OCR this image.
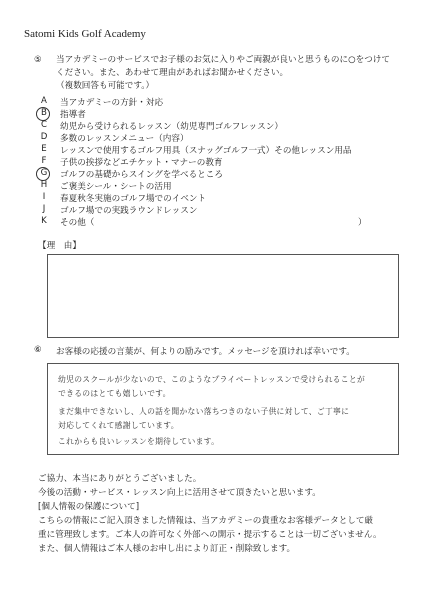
Satomi Kids Golf Academy
⑤ 当アカデミーのサービスでお子様のお気に入りやご両親が良いと思うものに○をつけて
ください。また、あわせて理由があればお聞かせください。
（複数回答も可能です。）
A	当アカデミーの方針・対応
B	指導者
C	幼児から受けられるレッスン（幼児専門ゴルフレッスン）
D	多数のレッスンメニュー（内容）
E	レッスンで使用するゴルフ用具（スナッグゴルフ一式）その他レッスン用品
F	子供の挨拶などエチケット・マナーの教育
G	ゴルフの基礎からスイングを学べるところ
H	ご褒美シール・シートの活用
I	春夏秋冬実施のゴルフ場でのイベント
J	ゴルフ場での実践ラウンドレッスン
K	その他（	）
【理　由】
⑥ お客様の応援の言葉が、何よりの励みです。メッセージを頂ければ幸いです。
幼児のスクールが少ないので、このようなプライベートレッスンで受けられることが
できるのはとても嬉しいです。
まだ集中できないし、人の話を聞かない落ちつきのない子供に対して、ご丁寧に
対応してくれて感謝しています。
これからも良いレッスンを期待しています。
ご協力、本当にありがとうございました。
今後の活動・サービス・レッスン向上に活用させて頂きたいと思います。
[個人情報の保護について]
こちらの情報にご記入頂きました情報は、当アカデミーの貴重なお客様データとして厳
重に管理致します。ご本人の許可なく外部への開示・提示することは一切ございません。
また、個人情報はご本人様のお申し出により訂正・削除致します。
